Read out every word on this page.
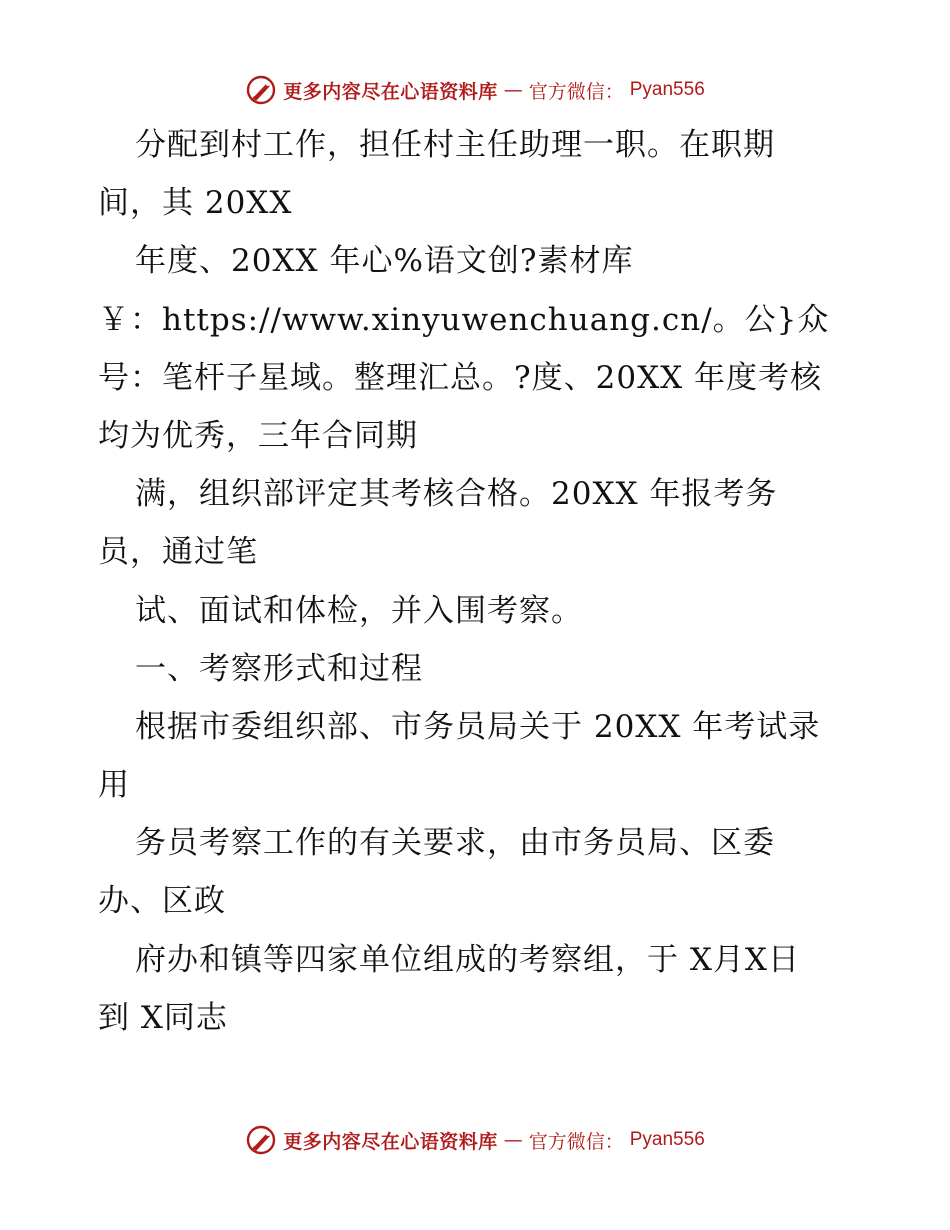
更多内容尽在心语资料库 — 官方微信： Pyan556
分配到村工作，担任村主任助理一职。在职期
间，其 20XX
年度、20XX 年心%语文创?素材库
￥：https://www.xinyuwenchuang.cn/。公}众
号：笔杆子星域。整理汇总。?度、20XX 年度考核
均为优秀，三年合同期
满，组织部评定其考核合格。20XX 年报考务
员，通过笔
试、面试和体检，并入围考察。
一、考察形式和过程
根据市委组织部、市务员局关于 20XX 年考试录
用
务员考察工作的有关要求，由市务员局、区委
办、区政
府办和镇等四家单位组成的考察组，于 X月X日
到 X同志
更多内容尽在心语资料库 — 官方微信： Pyan556
